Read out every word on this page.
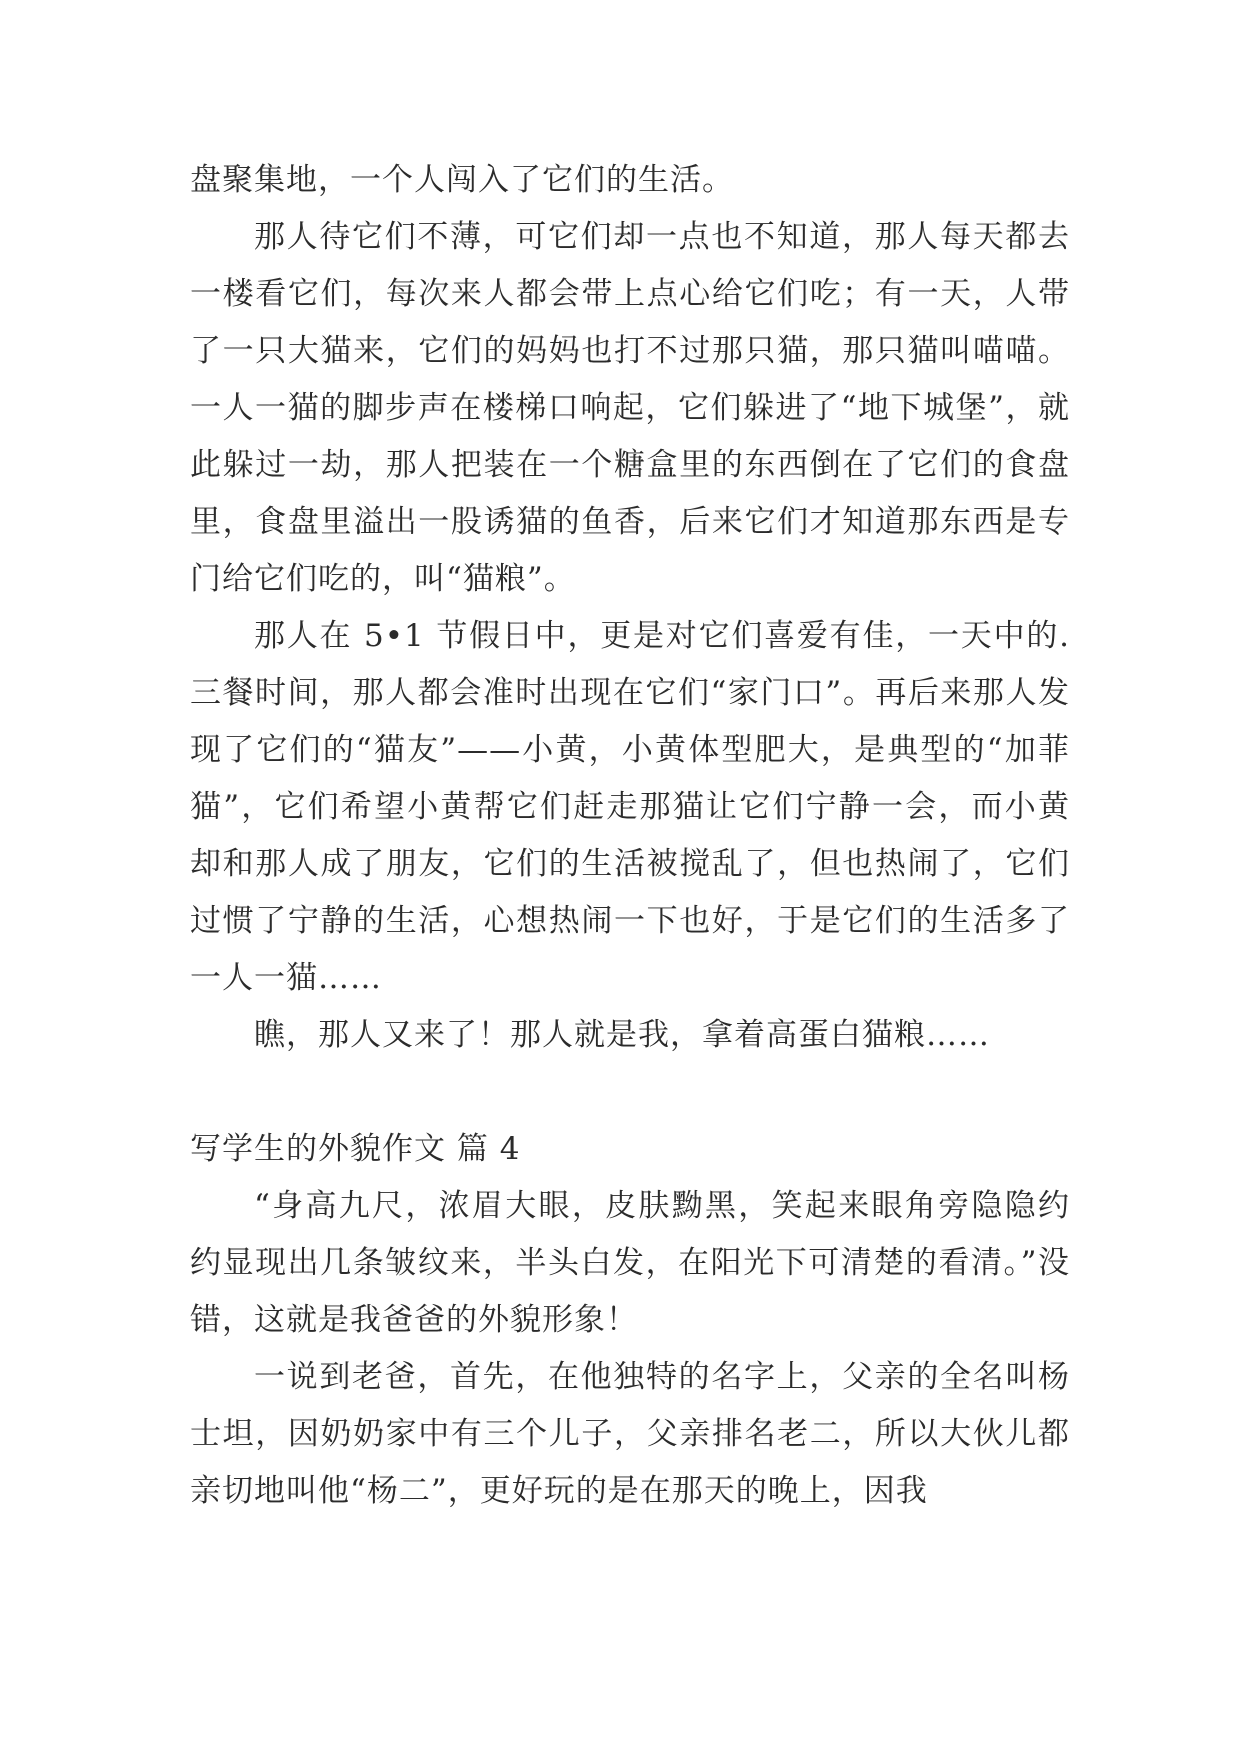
盘聚集地，一个人闯入了它们的生活。

那人待它们不薄，可它们却一点也不知道，那人每天都去一楼看它们，每次来人都会带上点心给它们吃；有一天，人带了一只大猫来，它们的妈妈也打不过那只猫，那只猫叫喵喵。一人一猫的脚步声在楼梯口响起，它们躲进了“地下城堡”，就此躲过一劫，那人把装在一个糖盒里的东西倒在了它们的食盘里，食盘里溢出一股诱猫的鱼香，后来它们才知道那东西是专门给它们吃的，叫“猫粮”。

那人在 5•1 节假日中，更是对它们喜爱有佳，一天中的. 三餐时间，那人都会准时出现在它们“家门口”。再后来那人发现了它们的“猫友”——小黄，小黄体型肥大，是典型的“加菲猫”，它们希望小黄帮它们赶走那猫让它们宁静一会，而小黄却和那人成了朋友，它们的生活被搅乱了，但也热闹了，它们过惯了宁静的生活，心想热闹一下也好，于是它们的生活多了一人一猫……

瞧，那人又来了！那人就是我，拿着高蛋白猫粮……

写学生的外貌作文 篇 4

“身高九尺，浓眉大眼，皮肤黝黑，笑起来眼角旁隐隐约约显现出几条皱纹来，半头白发，在阳光下可清楚的看清。”没错，这就是我爸爸的外貌形象！

一说到老爸，首先，在他独特的名字上，父亲的全名叫杨士坦，因奶奶家中有三个儿子，父亲排名老二，所以大伙儿都亲切地叫他“杨二”，更好玩的是在那天的晚上，因我
